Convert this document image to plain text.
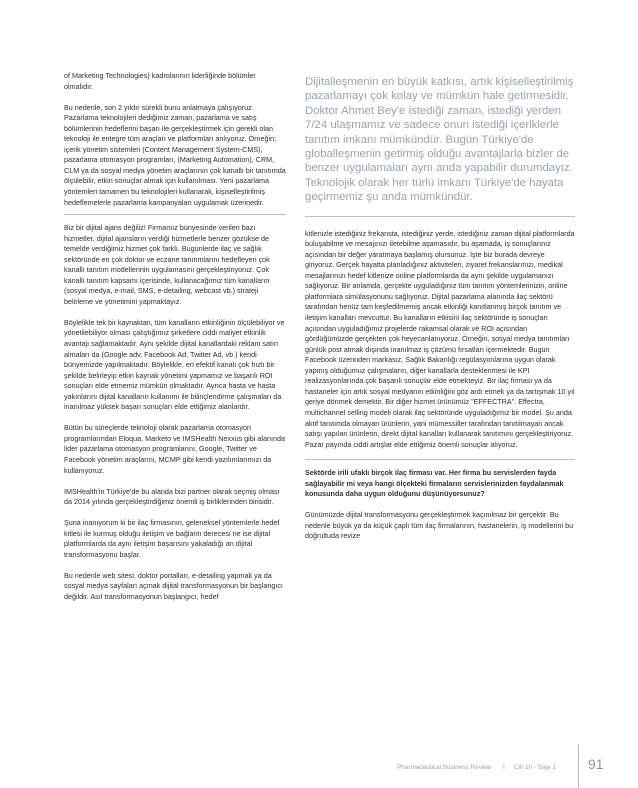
of Marketing Technologies) kadrolarının liderliğinde bölümler olmalıdır.

Bu nedenle, son 2 yıldır sürekli bunu anlatmaya çalışıyoruz. Pazarlama teknolojileri dediğimiz zaman, pazarlama ve satış bölümlerinin hedeflerini başarı ile gerçekleştirmek için gerekli olan teknoloji ile entegre tüm araçları ve platformları anlıyoruz. Örneğin; içerik yönetim sistemleri (Content Management System-CMS), pazarlama otomasyon programları, (Marketing Automation), CRM, CLM ya da sosyal medya yönetim araçlarının çok kanallı bir tanıtımda ölçülebilir, etkin sonuçlar almak için kullanılması. Yeni pazarlama yöntemleri tamamen bu teknolojileri kullanarak, kişiselleştirilmiş hedeflemelerle pazarlama kampanyaları uygulamak üzerinedir.

Biz bir dijital ajans değiliz! Firmamız bünyesinde verilen bazı hizmetler, dijital ajansların verdiği hizmetlerle benzer gözükse de temelde verdiğimiz hizmet çok farklı. Bugünlerde ilaç ve sağlık sektöründe en çok doktor ve eczane tanıtımlarını hedefleyen çok kanallı tanıtım modellerinin uygulamasını gerçekleştiriyoruz. Çok kanallı tanıtım kapsamı içerisinde, kullanacağımız tüm kanalların (sosyal medya, e-mail, SMS, e-detailing, webcast vb.) strateji belirleme ve yönetimini yapmaktayız.

Böylelikle tek bir kaynaktan, tüm kanalların etkinliğinin ölçülebiliyor ve yönetilebiliyor olması çalıştığımız şirketlere ciddi maliyet etkinlik avantajı sağlamaktadır. Aynı şekilde dijital kanallardaki reklam satın almaları da (Google adv, Facebook Ad, Twitter Ad, vb.) kendi bünyemizde yapılmaktadır. Böylelikle, en efektif kanalı çok hızlı bir şekilde belirleyip etkin kaynak yönetimi yapmamız ve başarılı ROI sonuçları elde etmemiz mümkün olmaktadır. Ayrıca hasta ve hasta yakınlarını dijital kanalların kullanımı ile bilinçlendirme çalışmaları da inanılmaz yüksek başarı sonuçları elde ettiğimiz alanlardır.

Bütün bu süreçlerde teknoloji olarak pazarlama otomasyon programlarından Eloqua, Marketo ve IMSHealth Nexxus gibi alanında lider pazarlama otomasyon programlarını, Google, Twitter ve Facebook yönetim araçlarını, MCMP gibi kendi yazılımlarımızı da kullanıyoruz.

IMSHealth'in Türkiye'de bu alanda bizi partner olarak seçmiş olması da 2014 yılında gerçekleştirdiğimiz önemli iş birliklerinden birisidir.

Şuna inanıyorum ki bir ilaç firmasının, geleneksel yöntemlerle hedef kitlesi ile kurmuş olduğu iletişim ve bağlantı derecesi ne ise dijital platformlarda da aynı iletişim başarısını yakaladığı an dijital transformasyonu başlar.

Bu nedenle web sitesi, doktor portalları, e-detailing yapmak ya da sosyal medya sayfaları açmak dijital transformasyonun bir başlangıcı değildir. Asıl transformasyonun başlangıcı, hedef

Dijitalleşmenin en büyük katkısı, artık kişiselleştirilmiş pazarlamayı çok kolay ve mümkün hale getirmesidir. Doktor Ahmet Bey'e istediği zaman, istediği yerden 7/24 ulaşmamız ve sadece onun istediği içeriklerle tanıtım imkanı mümkündür. Bugün Türkiye'de globalleşmenin getirmiş olduğu avantajlarla bizler de benzer uygulamaları aynı anda yapabilir durumdayız. Teknolojik olarak her türlü imkanı Türkiye'de hayata geçirmemiz şu anda mümkündür.

kitlenizle istediğiniz frekansta, istediğiniz yerde, istediğiniz zaman dijital platformlarda buluşabilme ve mesajınızı iletebilme aşamasıdır, bu aşamada, iş sonuçlarınız açısından bir değer yaratmaya başlamış olursunuz. İşte biz burada devreye giriyoruz. Gerçek hayatta planladığınız aktiviteleri, ziyaret frekanslarınızı, medikal mesajlarınızı hedef kitlenize online platformlarda da aynı şekilde uygulamanızı sağlıyoruz. Bir anlamda, gerçekte uyguladığınız tüm tanıtım yöntemlerinizin, online platformlara simülasyonunu sağlıyoruz. Dijital pazarlama alanında ilaç sektörü tarafından henüz tam keşfedilmemiş ancak etkinliği kanıtlanmış birçok tanıtım ve iletişim kanalları mevcuttur. Bu kanalların etkisini ilaç sektöründe iş sonuçları açısından uyguladığımız projelerde rakamsal olarak ve ROI açısından gördüğümüzde gerçekten çok heyecanlanıyoruz. Örneğin, sosyal medya tanıtımları günlük post atmak dışında inanılmaz iş çözümü fırsatları içermektedir. Bugün Facebook üzerinden markasız, Sağlık Bakanlığı regülasyonlarına uygun olarak yapmış olduğumuz çalışmaların, diğer kanallarla desteklenmesi ile KPI realizasyonlarında çok başarılı sonuçlar elde etmekteyiz. Bir ilaç firması ya da hastaneler için artık sosyal medyanın etkinliğini göz ardı etmek ya da tartışmak 10 yıl geriye dönmek demektir. Bir diğer hizmet ürünümüz "EFFECTRA". Effectra, multichannel selling modeli olarak ilaç sektöründe uyguladığımız bir model. Şu anda aktif tanıtımda olmayan ürünlerin, yani mümessiller tarafından tanıtılmayan ancak satışı yapılan ürünlerin, direkt dijital kanalları kullanarak tanıtımını gerçekleştiriyoruz. Pazar payında ciddi artışlar elde ettiğimiz önemli sonuçlar alıyoruz.

Sektörde irili ufaklı birçok ilaç firması var. Her firma bu servislerden fayda sağlayabilir mi veya hangi ölçekteki firmaların servislerinizden faydalanmak konusunda daha uygun olduğunu düşünüyorsunuz?

Günümüzde dijital transformasyonu gerçekleştirmek kaçınılmaz bir gerçektir. Bu nedenle büyük ya da küçük çaplı tüm ilaç firmalarının, hastanelerin, iş modellerini bu doğrultuda revize

Pharmaceutical Business Review I Cilt 10 - Sayı 1 91
